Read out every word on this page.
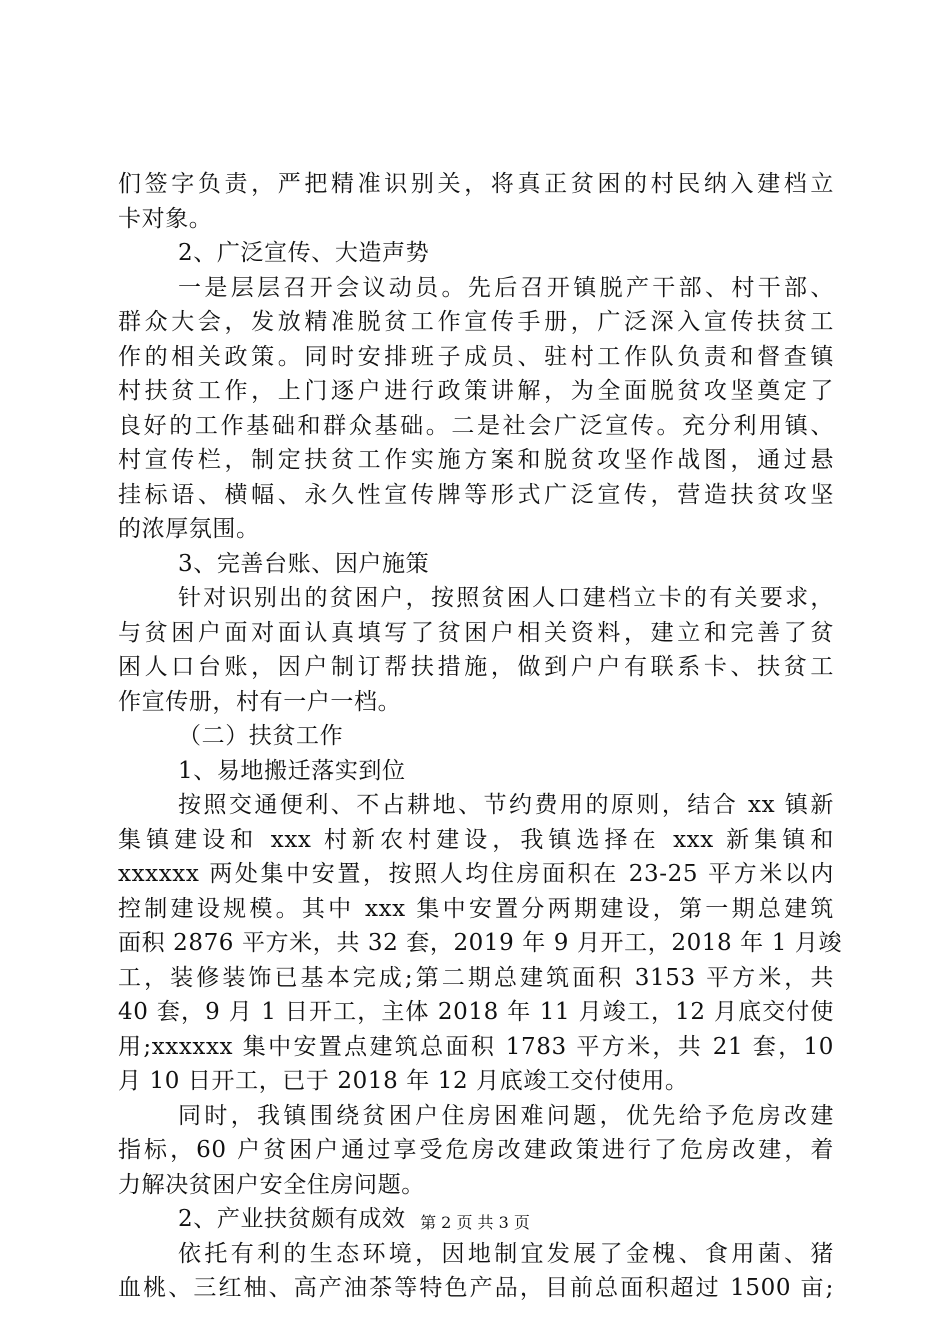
们签字负责，严把精准识别关，将真正贫困的村民纳入建档立
卡对象。
2、广泛宣传、大造声势
一是层层召开会议动员。先后召开镇脱产干部、村干部、
群众大会，发放精准脱贫工作宣传手册，广泛深入宣传扶贫工
作的相关政策。同时安排班子成员、驻村工作队负责和督查镇
村扶贫工作，上门逐户进行政策讲解，为全面脱贫攻坚奠定了
良好的工作基础和群众基础。二是社会广泛宣传。充分利用镇、
村宣传栏，制定扶贫工作实施方案和脱贫攻坚作战图，通过悬
挂标语、横幅、永久性宣传牌等形式广泛宣传，营造扶贫攻坚
的浓厚氛围。
3、完善台账、因户施策
针对识别出的贫困户，按照贫困人口建档立卡的有关要求，
与贫困户面对面认真填写了贫困户相关资料，建立和完善了贫
困人口台账，因户制订帮扶措施，做到户户有联系卡、扶贫工
作宣传册，村有一户一档。
（二）扶贫工作
1、易地搬迁落实到位
按照交通便利、不占耕地、节约费用的原则，结合 xx 镇新
集镇建设和 xxx 村新农村建设，我镇选择在 xxx 新集镇和
xxxxxx 两处集中安置，按照人均住房面积在 23-25 平方米以内
控制建设规模。其中 xxx 集中安置分两期建设，第一期总建筑
面积 2876 平方米，共 32 套，2019 年 9 月开工，2018 年 1 月竣
工，装修装饰已基本完成;第二期总建筑面积 3153 平方米，共
40 套，9 月 1 日开工，主体 2018 年 11 月竣工，12 月底交付使
用;xxxxxx 集中安置点建筑总面积 1783 平方米，共 21 套，10
月 10 日开工，已于 2018 年 12 月底竣工交付使用。
同时，我镇围绕贫困户住房困难问题，优先给予危房改建
指标，60 户贫困户通过享受危房改建政策进行了危房改建，着
力解决贫困户安全住房问题。
2、产业扶贫颇有成效
依托有利的生态环境，因地制宜发展了金槐、食用菌、猪
血桃、三红柚、高产油茶等特色产品，目前总面积超过 1500 亩;
第 2 页 共 3 页
